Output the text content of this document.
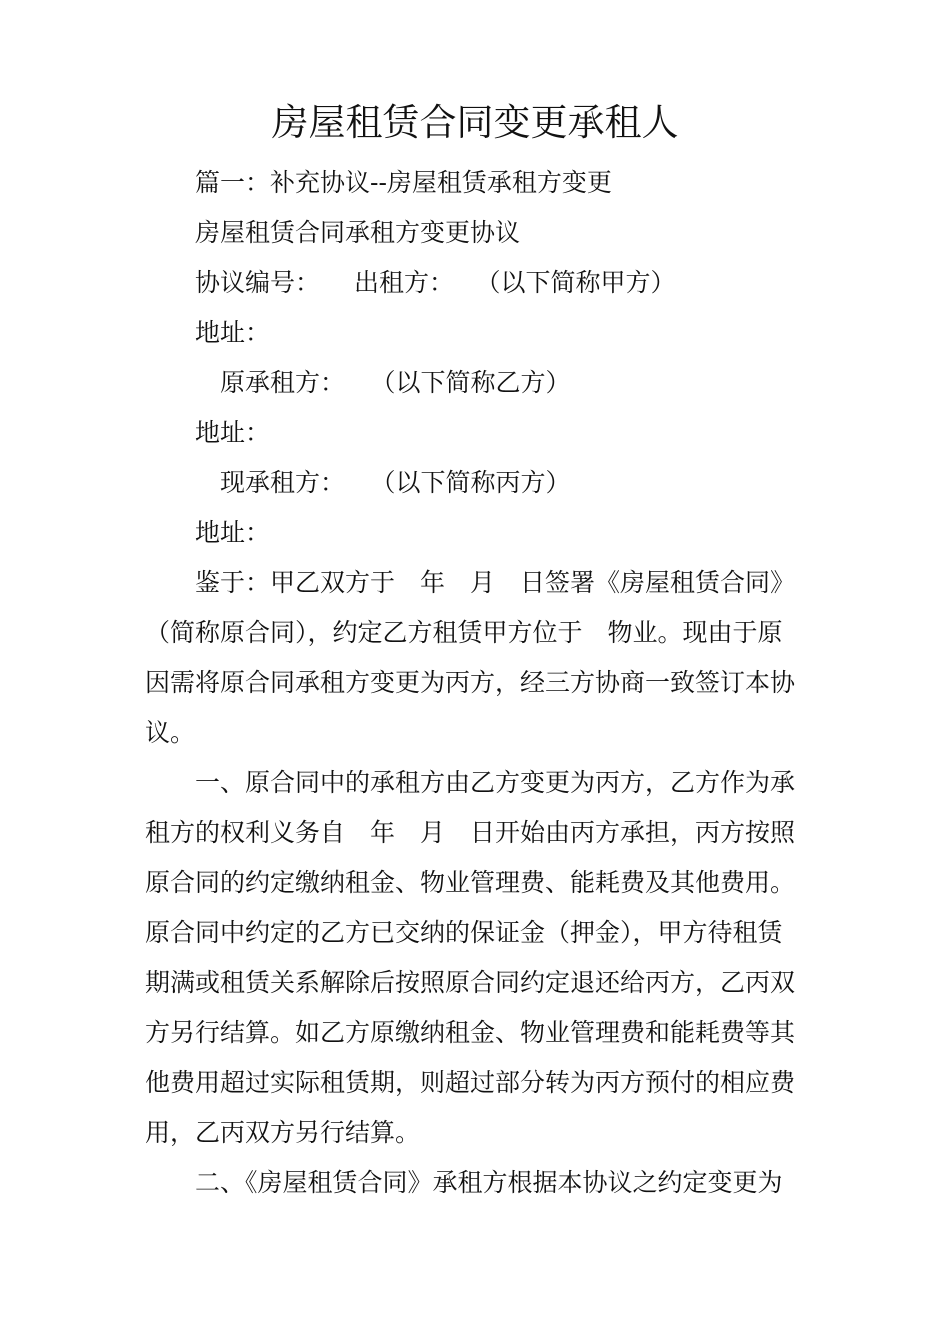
房屋租赁合同变更承租人
篇一：补充协议--房屋租赁承租方变更
房屋租赁合同承租方变更协议
协议编号： 出租方： （以下简称甲方）
地址：
原承租方： （以下简称乙方）
地址：
现承租方： （以下简称丙方）
地址：
鉴于：甲乙双方于　年　月　日签署《房屋租赁合同》
（简称原合同），约定乙方租赁甲方位于　物业。现由于原
因需将原合同承租方变更为丙方，经三方协商一致签订本协
议。
一、原合同中的承租方由乙方变更为丙方，乙方作为承
租方的权利义务自　年　月　日开始由丙方承担，丙方按照
原合同的约定缴纳租金、物业管理费、能耗费及其他费用。
原合同中约定的乙方已交纳的保证金（押金），甲方待租赁
期满或租赁关系解除后按照原合同约定退还给丙方，乙丙双
方另行结算。如乙方原缴纳租金、物业管理费和能耗费等其
他费用超过实际租赁期，则超过部分转为丙方预付的相应费
用，乙丙双方另行结算。
二、《房屋租赁合同》承租方根据本协议之约定变更为
